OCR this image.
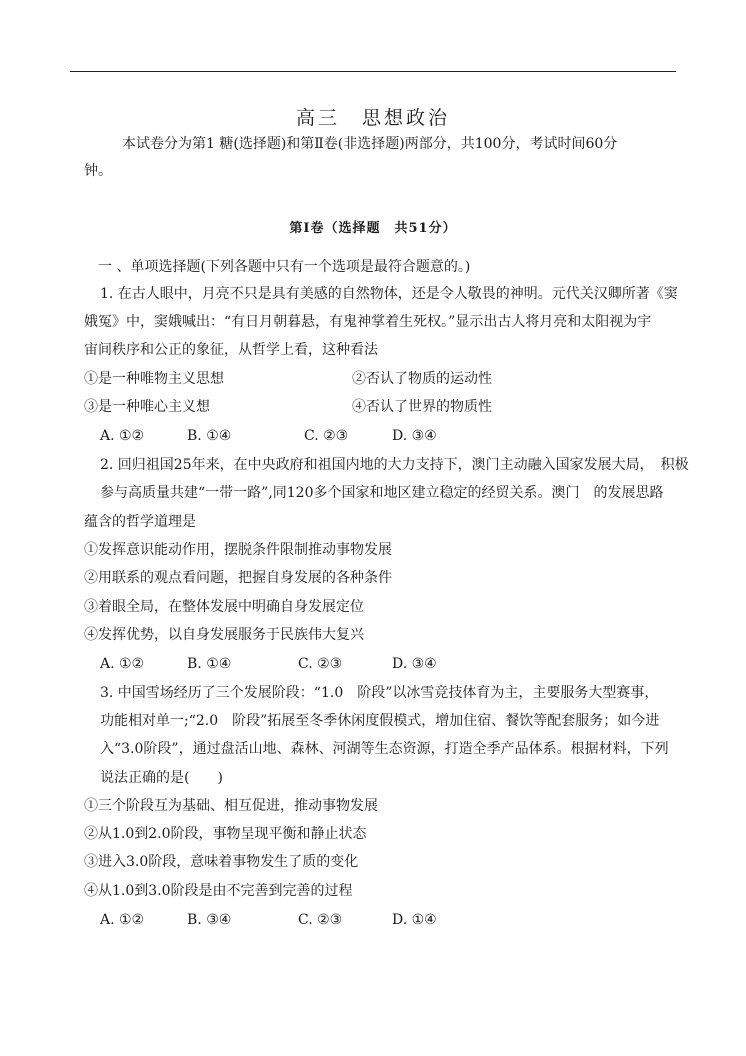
高三　思想政治
本试卷分为第1 糖(选择题)和第Ⅱ卷(非选择题)两部分，共100分，考试时间60分
钟。
第Ⅰ卷（选择题　共51分）
一 、单项选择题(下列各题中只有一个选项是最符合题意的。)
1. 在古人眼中，月亮不只是具有美感的自然物体，还是令人敬畏的神明。元代关汉卿所著《窦
娥冤》中，窦娥喊出：“有日月朝暮悬，有鬼神掌着生死权。”显示出古人将月亮和太阳视为宇
宙间秩序和公正的象征，从哲学上看，这种看法
①是一种唯物主义思想	②否认了物质的运动性
③是一种唯心主义想	④否认了世界的物质性
A. ①②	B. ①④	C. ②③	D. ③④
2. 回归祖国25年来，在中央政府和祖国内地的大力支持下，澳门主动融入国家发展大局，　积极
参与高质量共建“一带一路”,同120多个国家和地区建立稳定的经贸关系。澳门　的发展思路
蕴含的哲学道理是
①发挥意识能动作用，摆脱条件限制推动事物发展
②用联系的观点看问题，把握自身发展的各种条件
③着眼全局，在整体发展中明确自身发展定位
④发挥优势，以自身发展服务于民族伟大复兴
A. ①②	B. ①④	C. ②③	D. ③④
3. 中国雪场经历了三个发展阶段：“1.0　阶段”以冰雪竞技体育为主，主要服务大型赛事，
功能相对单一;“2.0　阶段”拓展至冬季休闲度假模式，增加住宿、餐饮等配套服务；如今进
入“3.0阶段”，通过盘活山地、森林、河湖等生态资源，打造全季产品体系。根据材料，下列
说法正确的是(　　)
①三个阶段互为基础、相互促进，推动事物发展
②从1.0到2.0阶段，事物呈现平衡和静止状态
③进入3.0阶段，意味着事物发生了质的变化
④从1.0到3.0阶段是由不完善到完善的过程
A. ①②	B. ③④	C. ②③	D. ①④
